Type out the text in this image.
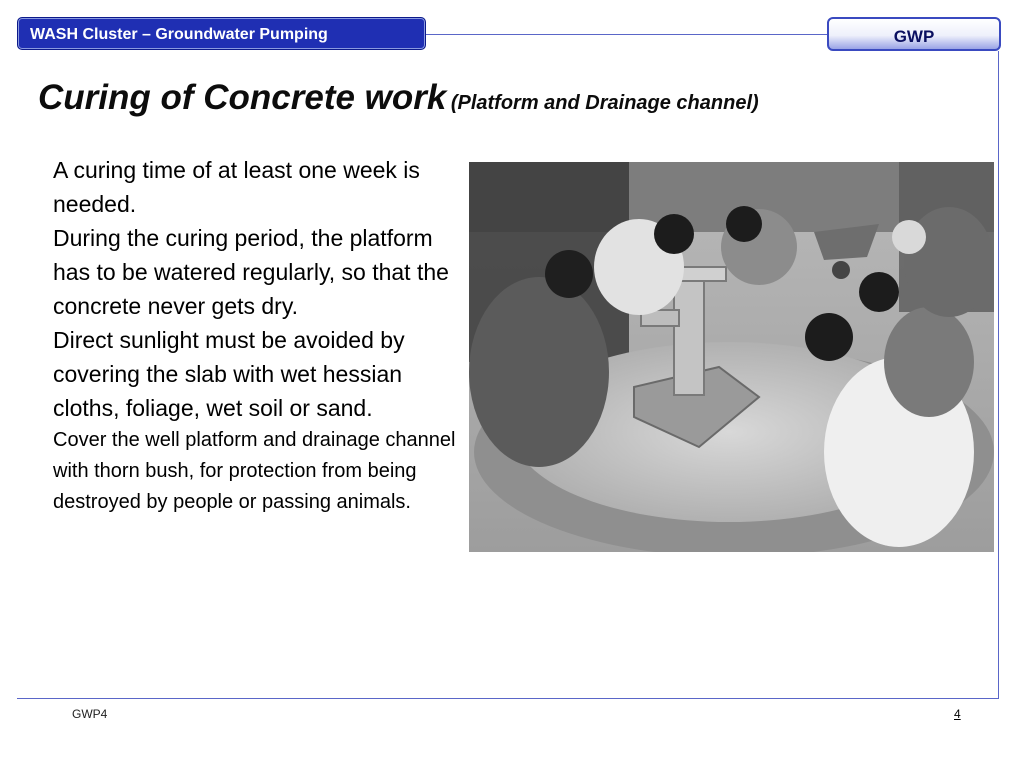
WASH Cluster – Groundwater Pumping	GWP
Curing of Concrete work (Platform and Drainage channel)

A curing time of at least one week is needed.

During the curing period, the platform has to be watered regularly, so that the concrete never gets dry.

Direct sunlight must be avoided by covering the slab with wet hessian cloths, foliage, wet soil or sand.

Cover the well platform and drainage channel with thorn bush, for protection from being destroyed by people or passing animals.

GWP4	4
